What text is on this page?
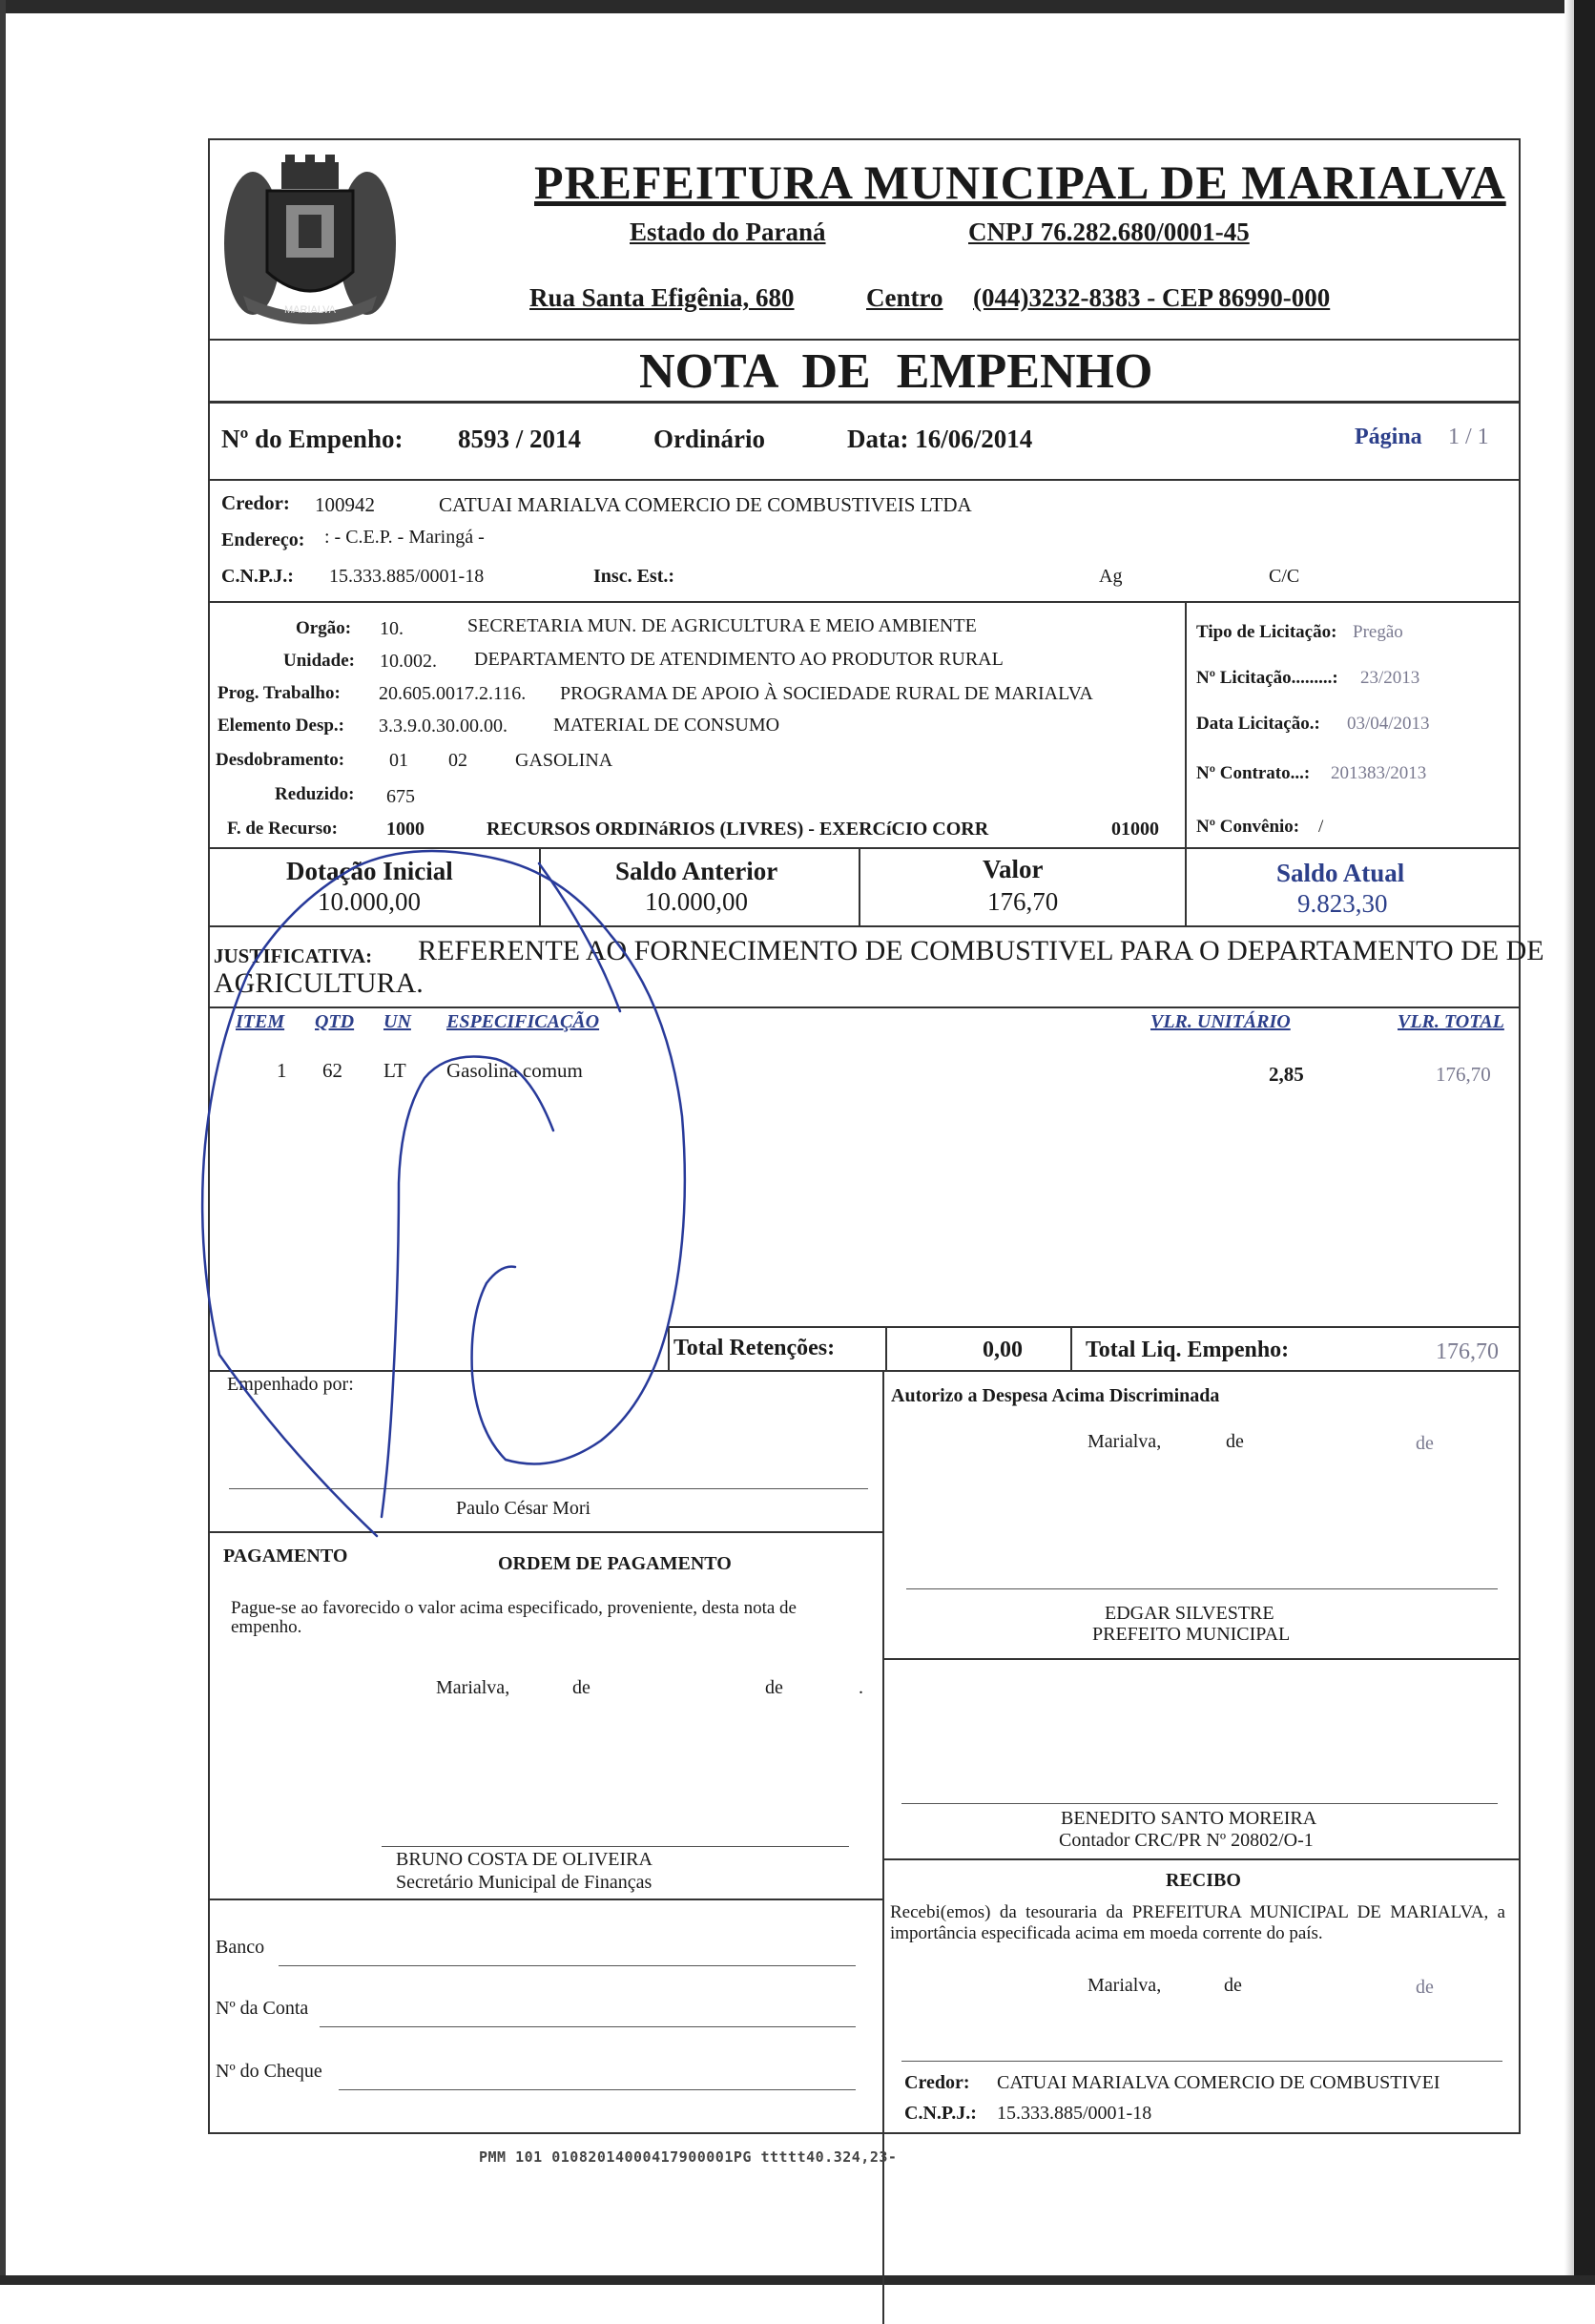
MARIALVA
PREFEITURA MUNICIPAL DE MARIALVA
Estado do Paraná	CNPJ 76.282.680/0001-45
Rua Santa Efigênia, 680	Centro (044)3232-8383 - CEP 86990-000
NOTA DE EMPENHO
Nº do Empenho: 8593 / 2014	Ordinário	Data: 16/06/2014	Página 1 / 1
Credor: 100942	CATUAI MARIALVA COMERCIO DE COMBUSTIVEIS LTDA
Endereço: : - C.E.P. - Maringá -
C.N.P.J.: 15.333.885/0001-18	Insc. Est.:	Ag	C/C
Orgão: 10.	SECRETARIA MUN. DE AGRICULTURA E MEIO AMBIENTE
Unidade: 10.002. DEPARTAMENTO DE ATENDIMENTO AO PRODUTOR RURAL
Prog. Trabalho: 20.605.0017.2.116. PROGRAMA DE APOIO À SOCIEDADE RURAL DE MARIALVA
Elemento Desp.: 3.3.9.0.30.00.00. MATERIAL DE CONSUMO
Desdobramento: 01 02	GASOLINA
Reduzido: 675
F. de Recurso:	1000	RECURSOS ORDINáRIOS (LIVRES) - EXERCíCIO CORR	01000
Tipo de Licitação: Pregão
Nº Licitação.........: 23/2013
Data Licitação.: 03/04/2013
Nº Contrato...: 201383/2013
Nº Convênio: /
Dotação Inicial
10.000,00
Saldo Anterior
10.000,00
Valor
176,70
Saldo Atual
9.823,30
JUSTIFICATIVA: REFERENTE AO FORNECIMENTO DE COMBUSTIVEL PARA O DEPARTAMENTO DE DE
AGRICULTURA.
ITEM QTD UN ESPECIFICAÇÃO	VLR. UNITÁRIO	VLR. TOTAL
1 62 LT Gasolina comum	2,85	176,70
Total Retenções:	0,00	Total Liq. Empenho:	176,70
Empenhado por:
Paulo César Mori
Autorizo a Despesa Acima Discriminada
Marialva,	de	de
PAGAMENTO	ORDEM DE PAGAMENTO
Pague-se ao favorecido o valor acima especificado, proveniente, desta nota de empenho.
Marialva,	de	de	.
BRUNO COSTA DE OLIVEIRA
Secretário Municipal de Finanças
EDGAR SILVESTRE
PREFEITO MUNICIPAL
BENEDITO SANTO MOREIRA
Contador CRC/PR Nº 20802/O-1
Banco
Nº da Conta
Nº do Cheque
RECIBO
Recebi(emos) da tesouraria da PREFEITURA MUNICIPAL DE MARIALVA, a importância especificada acima em moeda corrente do país.
Marialva,	de	de
Credor: CATUAI MARIALVA COMERCIO DE COMBUSTIVEI
C.N.P.J.: 15.333.885/0001-18
PMM 101 01082014000417900001PG ttttt40.324,23-
